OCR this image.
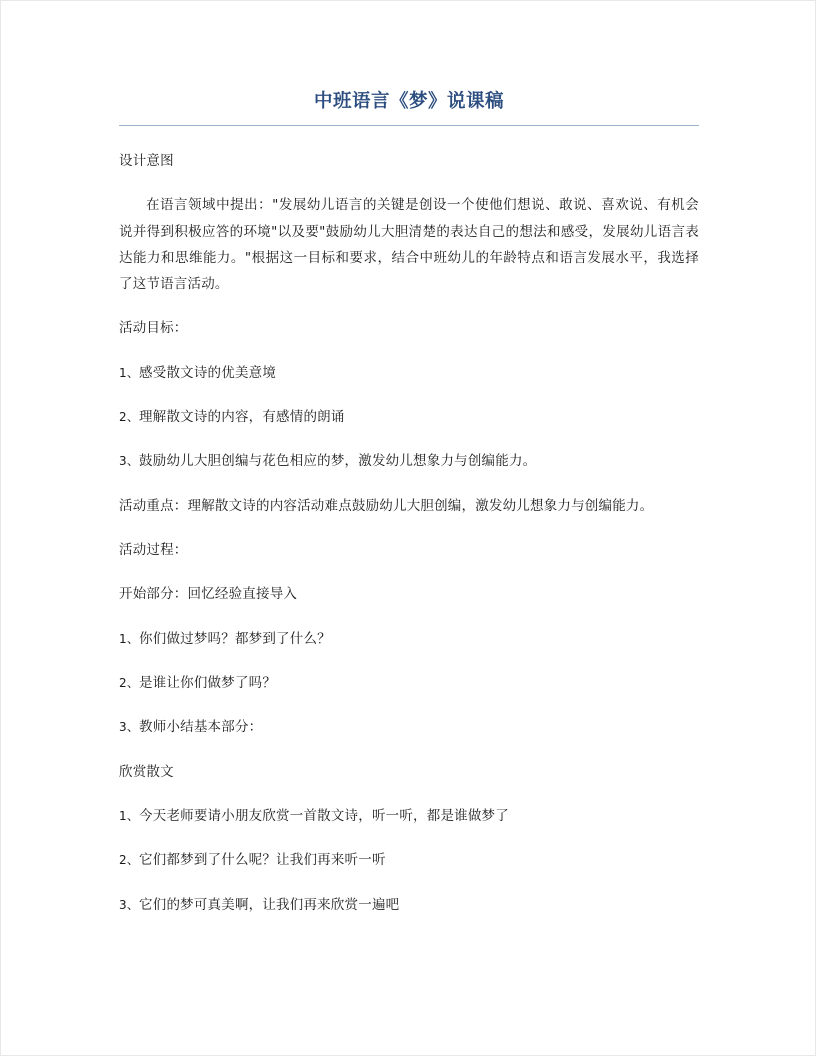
中班语言《梦》说课稿

设计意图

在语言领域中提出："发展幼儿语言的关键是创设一个使他们想说、敢说、喜欢说、有机会说并得到积极应答的环境"以及要"鼓励幼儿大胆清楚的表达自己的想法和感受，发展幼儿语言表达能力和思维能力。"根据这一目标和要求，结合中班幼儿的年龄特点和语言发展水平，我选择了这节语言活动。

活动目标：

1、感受散文诗的优美意境

2、理解散文诗的内容，有感情的朗诵

3、鼓励幼儿大胆创编与花色相应的梦，激发幼儿想象力与创编能力。

活动重点：理解散文诗的内容活动难点鼓励幼儿大胆创编，激发幼儿想象力与创编能力。

活动过程：

开始部分：回忆经验直接导入

1、你们做过梦吗？都梦到了什么？

2、是谁让你们做梦了吗？

3、教师小结基本部分：

欣赏散文

1、今天老师要请小朋友欣赏一首散文诗，听一听，都是谁做梦了

2、它们都梦到了什么呢？让我们再来听一听

3、它们的梦可真美啊，让我们再来欣赏一遍吧
